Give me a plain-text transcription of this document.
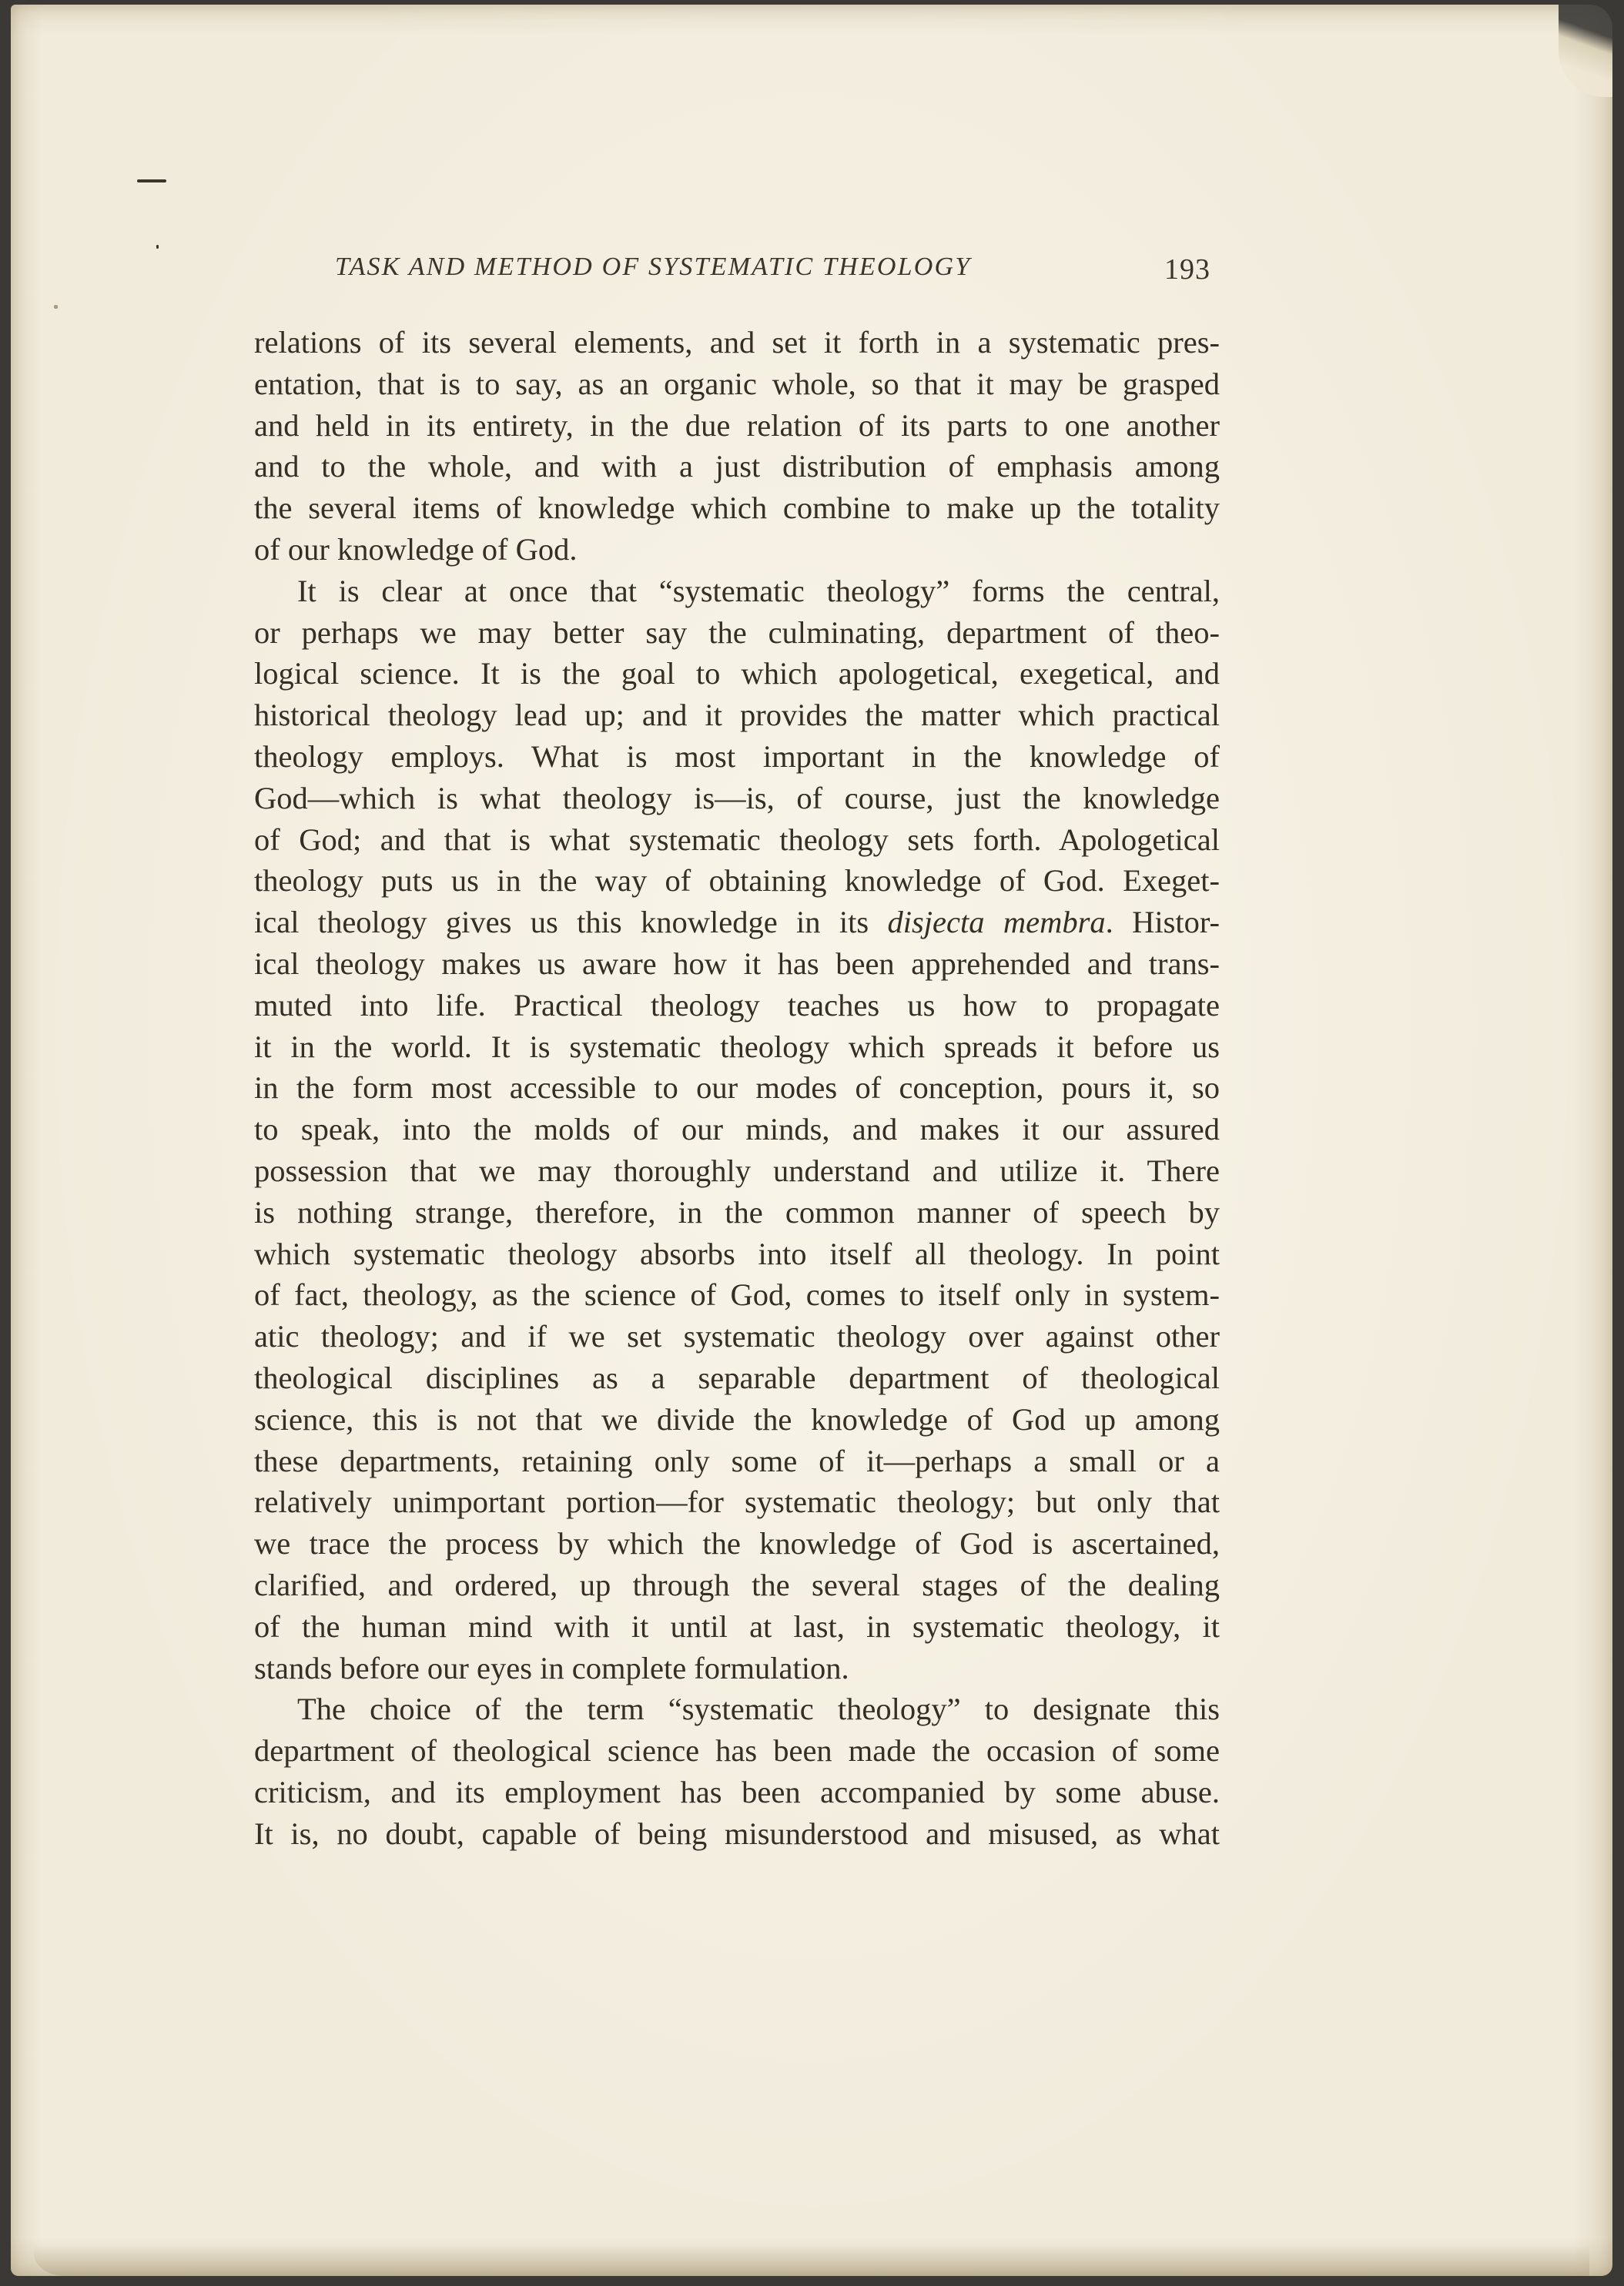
TASK AND METHOD OF SYSTEMATIC THEOLOGY	193
relations of its several elements, and set it forth in a systematic pres-
entation, that is to say, as an organic whole, so that it may be grasped
and held in its entirety, in the due relation of its parts to one another
and to the whole, and with a just distribution of emphasis among
the several items of knowledge which combine to make up the totality
of our knowledge of God.
It is clear at once that “systematic theology” forms the central,
or perhaps we may better say the culminating, department of theo-
logical science. It is the goal to which apologetical, exegetical, and
historical theology lead up; and it provides the matter which practical
theology employs. What is most important in the knowledge of
God—which is what theology is—is, of course, just the knowledge
of God; and that is what systematic theology sets forth. Apologetical
theology puts us in the way of obtaining knowledge of God. Exeget-
ical theology gives us this knowledge in its disjecta membra. Histor-
ical theology makes us aware how it has been apprehended and trans-
muted into life. Practical theology teaches us how to propagate
it in the world. It is systematic theology which spreads it before us
in the form most accessible to our modes of conception, pours it, so
to speak, into the molds of our minds, and makes it our assured
possession that we may thoroughly understand and utilize it. There
is nothing strange, therefore, in the common manner of speech by
which systematic theology absorbs into itself all theology. In point
of fact, theology, as the science of God, comes to itself only in system-
atic theology; and if we set systematic theology over against other
theological disciplines as a separable department of theological
science, this is not that we divide the knowledge of God up among
these departments, retaining only some of it—perhaps a small or a
relatively unimportant portion—for systematic theology; but only that
we trace the process by which the knowledge of God is ascertained,
clarified, and ordered, up through the several stages of the dealing
of the human mind with it until at last, in systematic theology, it
stands before our eyes in complete formulation.
The choice of the term “systematic theology” to designate this
department of theological science has been made the occasion of some
criticism, and its employment has been accompanied by some abuse.
It is, no doubt, capable of being misunderstood and misused, as what
